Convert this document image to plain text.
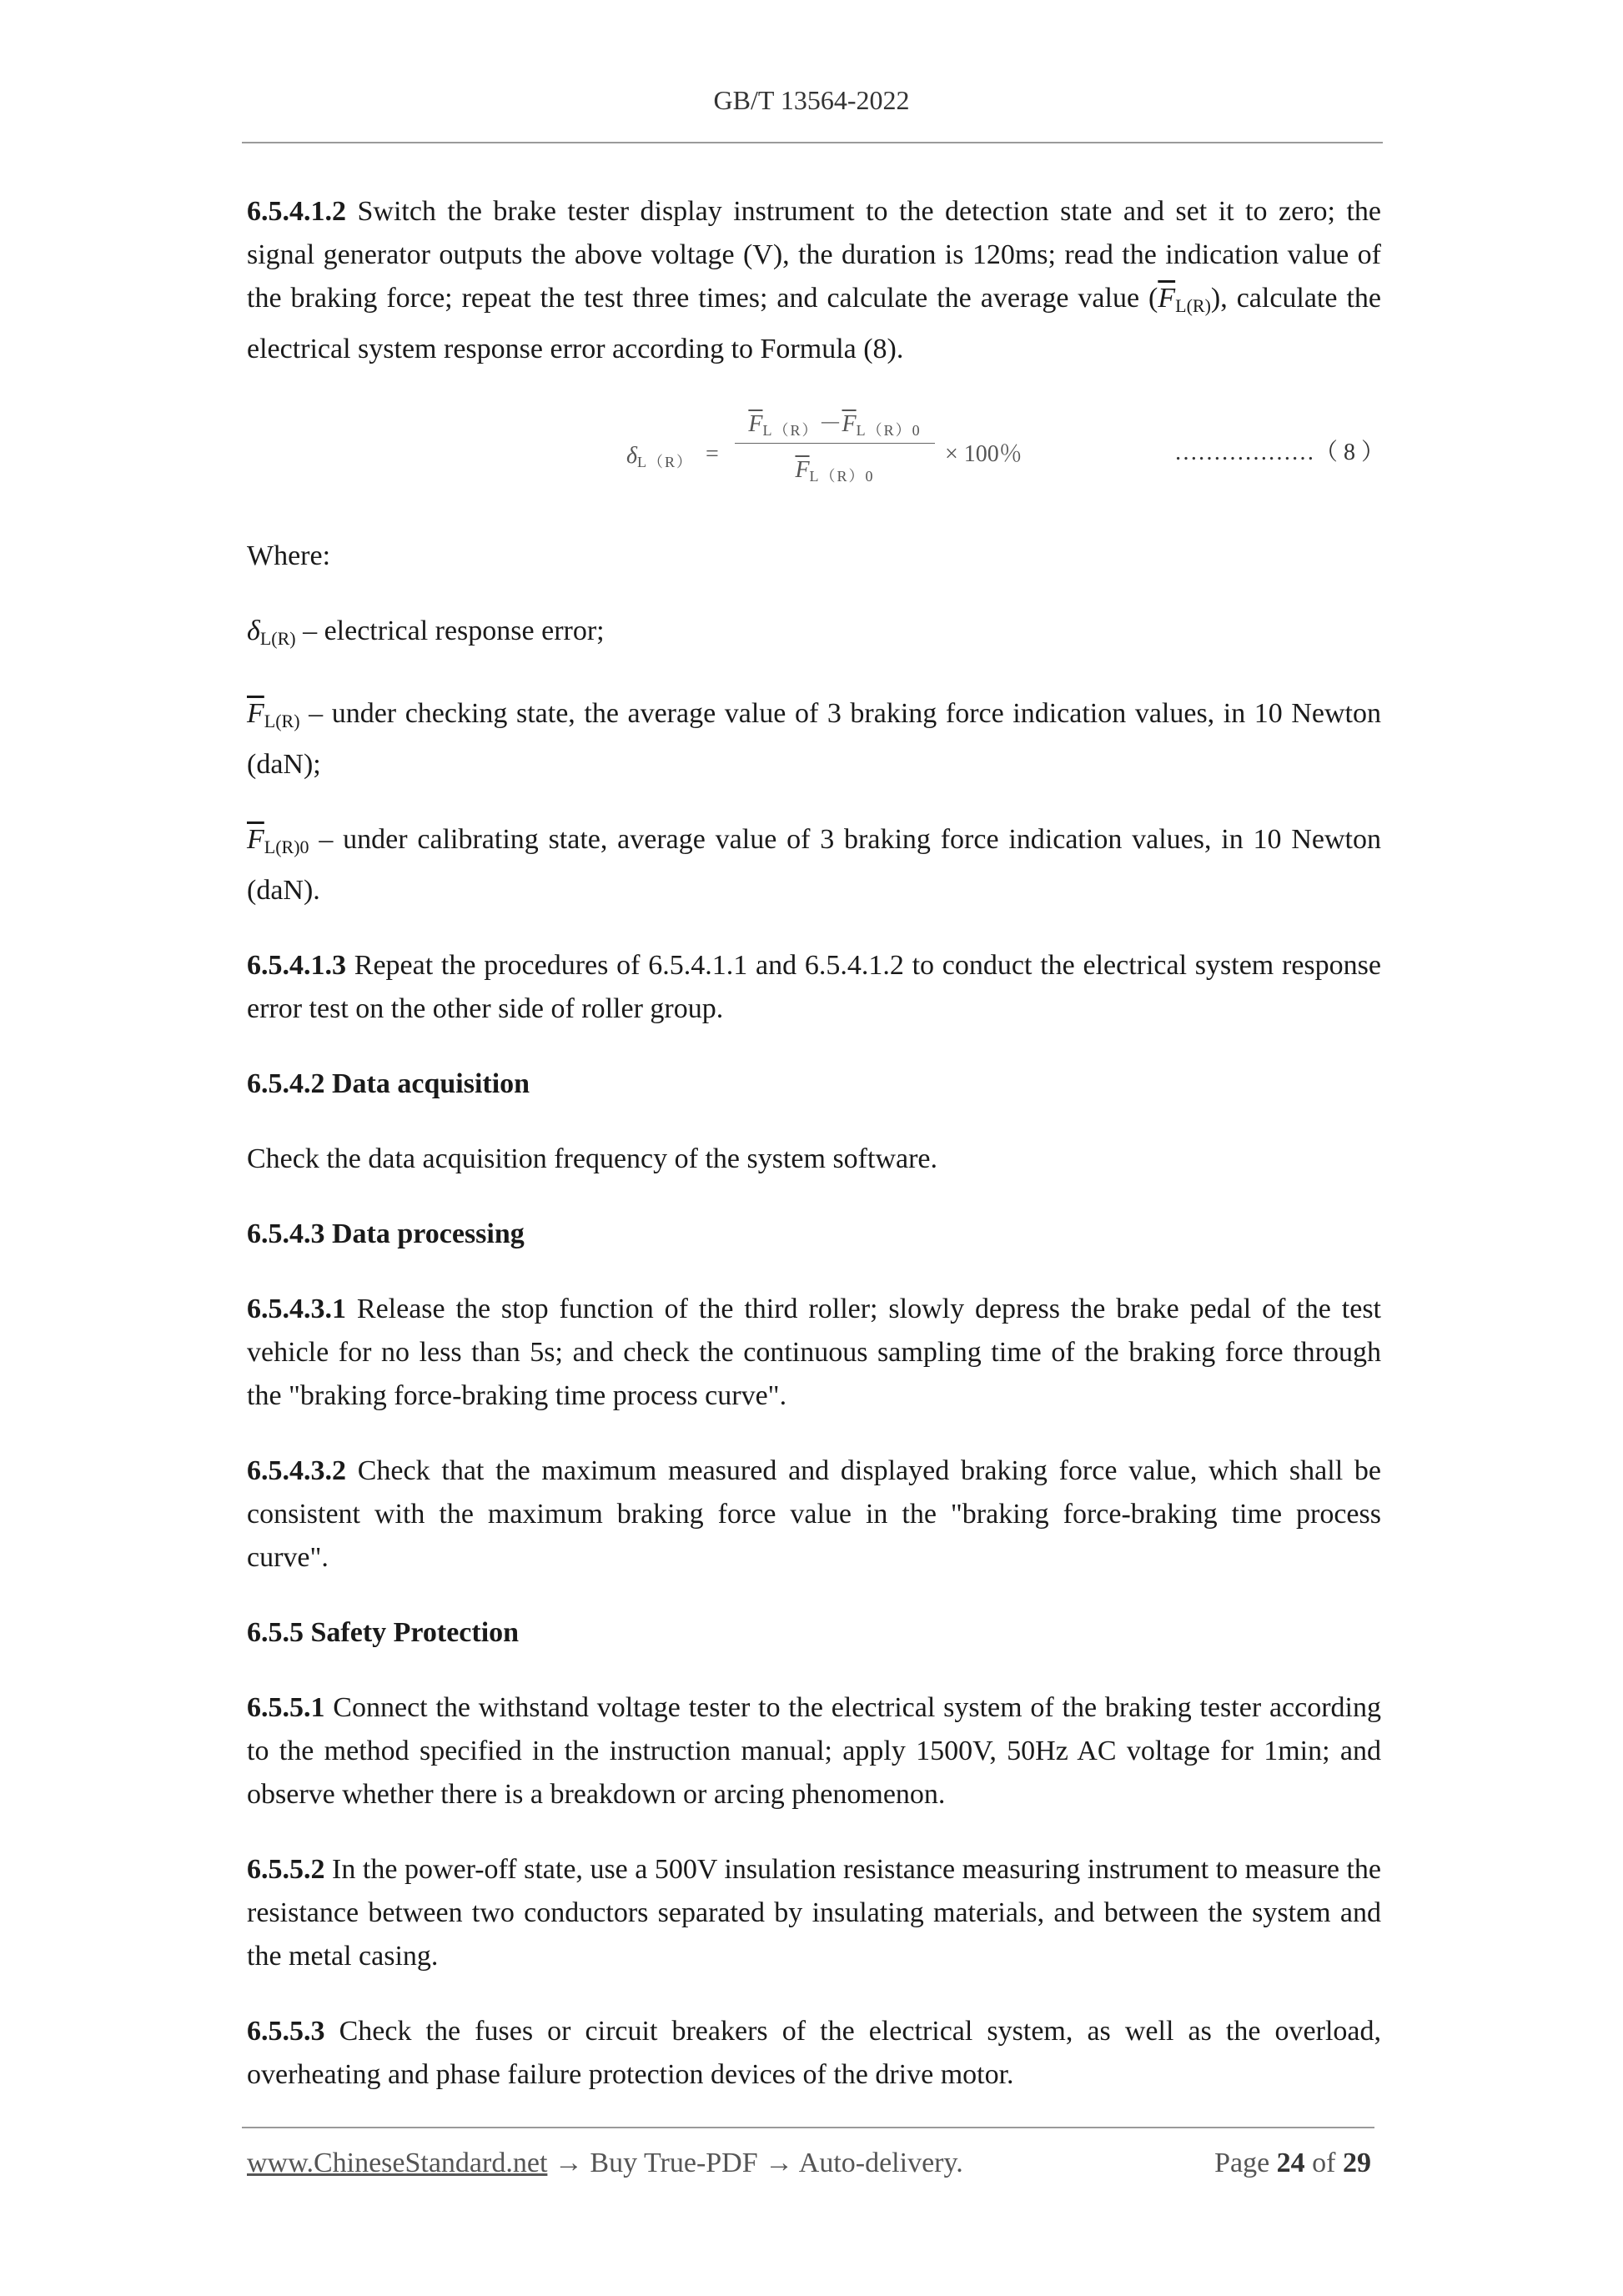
GB/T 13564-2022

6.5.4.1.2 Switch the brake tester display instrument to the detection state and set it to zero; the signal generator outputs the above voltage (V), the duration is 120ms; read the indication value of the braking force; repeat the test three times; and calculate the average value $(\overline{F}_{L(R)})$, calculate the electrical system response error according to Formula (8).

δL（R） =
$\overline{F}L(R)-\overline{F}L(R)0$
$\overline{F}L(R)0$
× 100％	………………（ 8 ）

Where:

$\delta_{L(R)}$ – electrical response error;

$\overline{F}_{L(R)}$ – under checking state, the average value of 3 braking force indication values, in 10 Newton (daN);

$\overline{F}_{L(R)0}$ – under calibrating state, average value of 3 braking force indication values, in 10 Newton (daN).

6.5.4.1.3 Repeat the procedures of 6.5.4.1.1 and 6.5.4.1.2 to conduct the electrical system response error test on the other side of roller group.

6.5.4.2 Data acquisition

Check the data acquisition frequency of the system software.

6.5.4.3 Data processing

6.5.4.3.1 Release the stop function of the third roller; slowly depress the brake pedal of the test vehicle for no less than 5s; and check the continuous sampling time of the braking force through the "braking force-braking time process curve".

6.5.4.3.2 Check that the maximum measured and displayed braking force value, which shall be consistent with the maximum braking force value in the "braking force-braking time process curve".

6.5.5 Safety Protection

6.5.5.1 Connect the withstand voltage tester to the electrical system of the braking tester according to the method specified in the instruction manual; apply 1500V, 50Hz AC voltage for 1min; and observe whether there is a breakdown or arcing phenomenon.

6.5.5.2 In the power-off state, use a 500V insulation resistance measuring instrument to measure the resistance between two conductors separated by insulating materials, and between the system and the metal casing.

6.5.5.3 Check the fuses or circuit breakers of the electrical system, as well as the overload, overheating and phase failure protection devices of the drive motor.

www.ChineseStandard.net → Buy True-PDF → Auto-delivery.	Page 24 of 29
